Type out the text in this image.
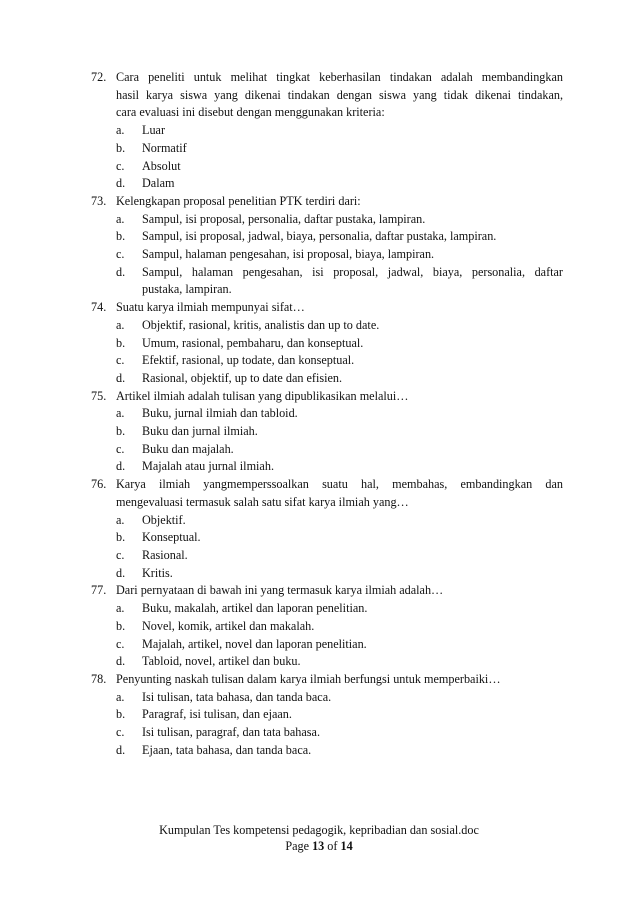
72. Cara peneliti untuk melihat tingkat keberhasilan tindakan adalah membandingkan
hasil karya siswa yang dikenai tindakan dengan siswa yang tidak dikenai tindakan,
cara evaluasi ini disebut dengan menggunakan kriteria:
a. Luar
b. Normatif
c. Absolut
d. Dalam
73. Kelengkapan proposal penelitian PTK terdiri dari:
a. Sampul, isi proposal, personalia, daftar pustaka, lampiran.
b. Sampul, isi proposal, jadwal, biaya, personalia, daftar pustaka, lampiran.
c. Sampul, halaman pengesahan, isi proposal, biaya, lampiran.
d. Sampul, halaman pengesahan, isi proposal, jadwal, biaya, personalia, daftar
pustaka, lampiran.
74. Suatu karya ilmiah mempunyai sifat…
a. Objektif, rasional, kritis, analistis dan up to date.
b. Umum, rasional, pembaharu, dan konseptual.
c. Efektif, rasional, up todate, dan konseptual.
d. Rasional, objektif, up to date dan efisien.
75. Artikel ilmiah adalah tulisan yang dipublikasikan melalui…
a. Buku, jurnal ilmiah dan tabloid.
b. Buku dan jurnal ilmiah.
c. Buku dan majalah.
d. Majalah atau jurnal ilmiah.
76. Karya ilmiah yangmemperssoalkan suatu hal, membahas, embandingkan dan
mengevaluasi termasuk salah satu sifat karya ilmiah yang…
a. Objektif.
b. Konseptual.
c. Rasional.
d. Kritis.
77. Dari pernyataan di bawah ini yang termasuk karya ilmiah adalah…
a. Buku, makalah, artikel dan laporan penelitian.
b. Novel, komik, artikel dan makalah.
c. Majalah, artikel, novel dan laporan penelitian.
d. Tabloid, novel, artikel dan buku.
78. Penyunting naskah tulisan dalam karya ilmiah berfungsi untuk memperbaiki…
a. Isi tulisan, tata bahasa, dan tanda baca.
b. Paragraf, isi tulisan, dan ejaan.
c. Isi tulisan, paragraf, dan tata bahasa.
d. Ejaan, tata bahasa, dan tanda baca.
Kumpulan Tes kompetensi pedagogik, kepribadian dan sosial.doc
Page 13 of 14
